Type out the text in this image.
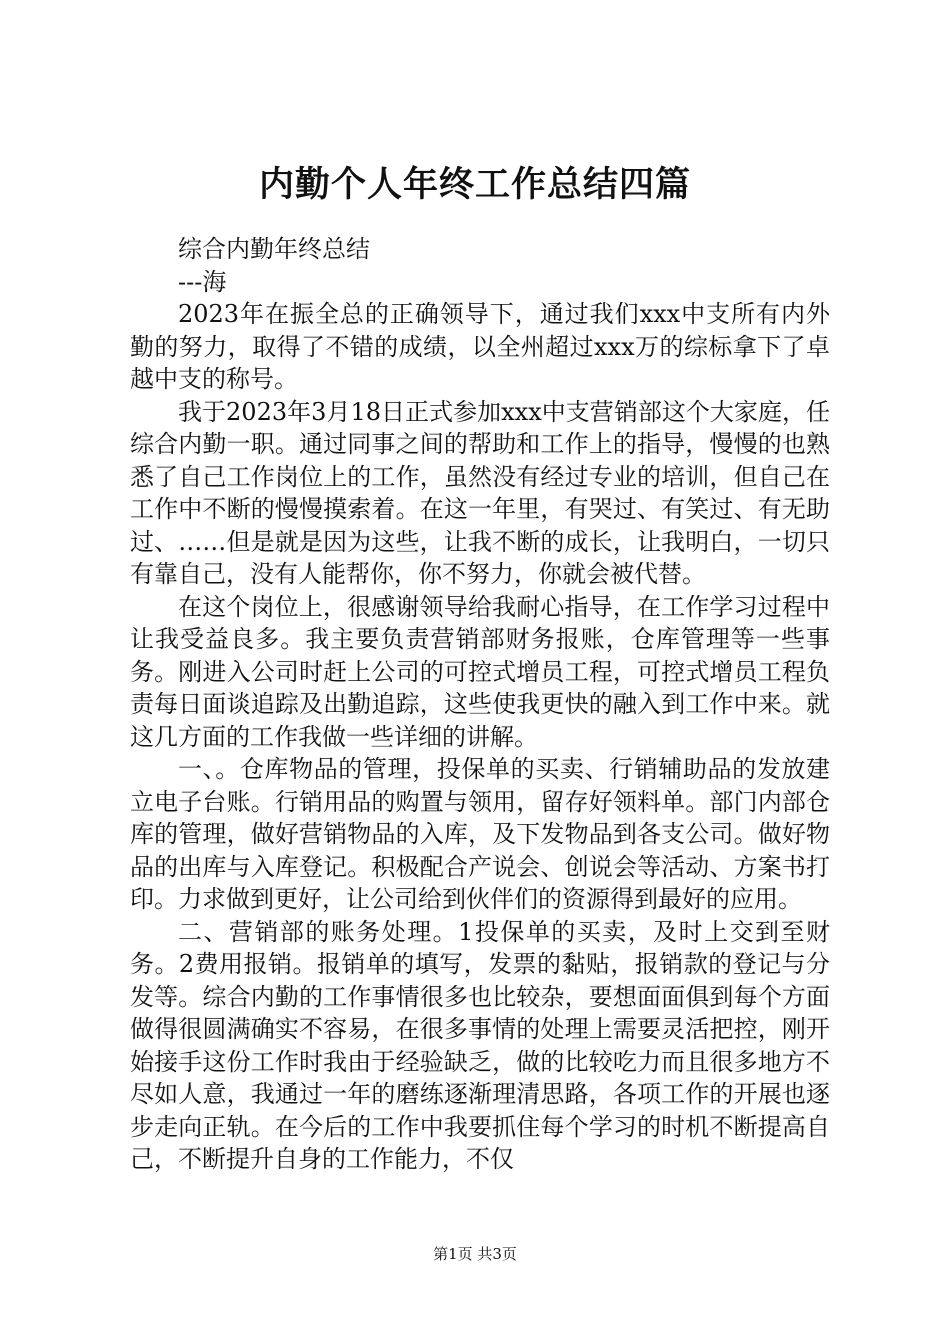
内勤个人年终工作总结四篇

综合内勤年终总结

---海

2023年在振全总的正确领导下，通过我们xxx中支所有内外勤的努力，取得了不错的成绩，以全州超过xxx万的综标拿下了卓越中支的称号。

我于2023年3月18日正式参加xxx中支营销部这个大家庭，任综合内勤一职。通过同事之间的帮助和工作上的指导，慢慢的也熟悉了自己工作岗位上的工作，虽然没有经过专业的培训，但自己在工作中不断的慢慢摸索着。在这一年里，有哭过、有笑过、有无助过、……但是就是因为这些，让我不断的成长，让我明白，一切只有靠自己，没有人能帮你，你不努力，你就会被代替。

在这个岗位上，很感谢领导给我耐心指导，在工作学习过程中让我受益良多。我主要负责营销部财务报账，仓库管理等一些事务。刚进入公司时赶上公司的可控式增员工程，可控式增员工程负责每日面谈追踪及出勤追踪，这些使我更快的融入到工作中来。就这几方面的工作我做一些详细的讲解。

一、。仓库物品的管理，投保单的买卖、行销辅助品的发放建立电子台账。行销用品的购置与领用，留存好领料单。部门内部仓库的管理，做好营销物品的入库，及下发物品到各支公司。做好物品的出库与入库登记。积极配合产说会、创说会等活动、方案书打印。力求做到更好，让公司给到伙伴们的资源得到最好的应用。

二、营销部的账务处理。1投保单的买卖，及时上交到至财务。2费用报销。报销单的填写，发票的黏贴，报销款的登记与分发等。综合内勤的工作事情很多也比较杂，要想面面俱到每个方面做得很圆满确实不容易，在很多事情的处理上需要灵活把控，刚开始接手这份工作时我由于经验缺乏，做的比较吃力而且很多地方不尽如人意，我通过一年的磨练逐渐理清思路，各项工作的开展也逐步走向正轨。在今后的工作中我要抓住每个学习的时机不断提高自己，不断提升自身的工作能力，不仅

第1页 共3页
